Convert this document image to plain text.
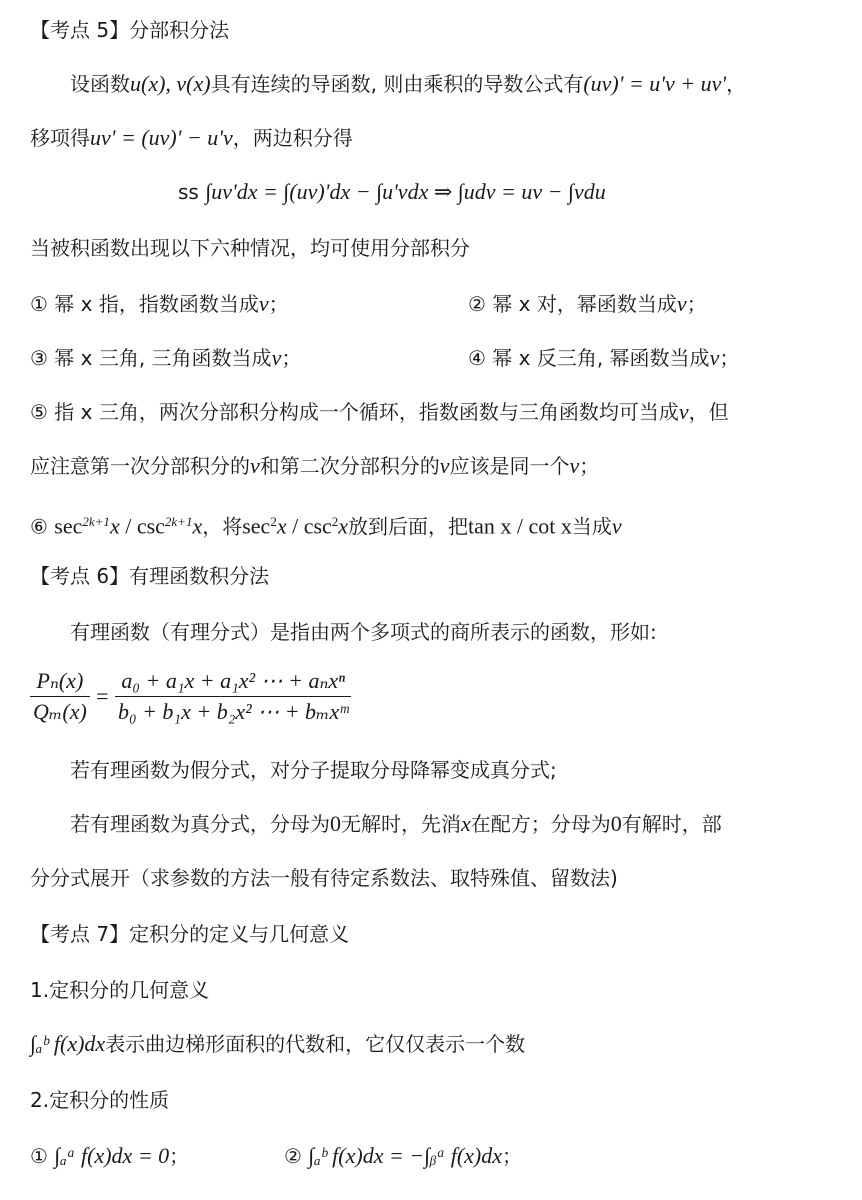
【考点 5】分部积分法
设函数u(x), v(x)具有连续的导函数, 则由乘积的导数公式有(uv)' = u'v + uv'，
移项得uv' = (uv)' − u'v，两边积分得
ss ∫uv'dx = ∫(uv)'dx − ∫u'vdx ⇒ ∫udv = uv − ∫vdu
当被积函数出现以下六种情况，均可使用分部积分
① 幂 x 指，指数函数当成v；	② 幂 x 对，幂函数当成v；
③ 幂 x 三角, 三角函数当成v；	④ 幂 x 反三角, 幂函数当成v；
⑤ 指 x 三角，两次分部积分构成一个循环，指数函数与三角函数均可当成v，但
应注意第一次分部积分的v和第二次分部积分的v应该是同一个v；
⑥ $\sec^{2k+1}x / \csc^{2k+1}x$，将$\sec^2x / \csc^2x$放到后面，把tan x / cot x当成v
【考点 6】有理函数积分法
有理函数（有理分式）是指由两个多项式的商所表示的函数，形如:
$\frac{\text{Pₙ(x)}}{\text{Qₘ(x)}} = \frac{\text{a₀ + a₁x + a₁x² ⋯ + aₙxⁿ}}{\text{b₀ + b₁x + b₂x² ⋯ + bₘxᵐ}}$
若有理函数为假分式，对分子提取分母降幂变成真分式;
若有理函数为真分式，分母为0无解时，先消x在配方；分母为0有解时，部
分分式展开（求参数的方法一般有待定系数法、取特殊值、留数法)
【考点 7】定积分的定义与几何意义
1.定积分的几何意义
∫ₐᵇ f(x)dx表示曲边梯形面积的代数和，它仅仅表示一个数
2.定积分的性质
① ∫ₐᵃ f(x)dx = 0；	② ∫ₐᵇ f(x)dx = −∫ᵦᵃ f(x)dx；
